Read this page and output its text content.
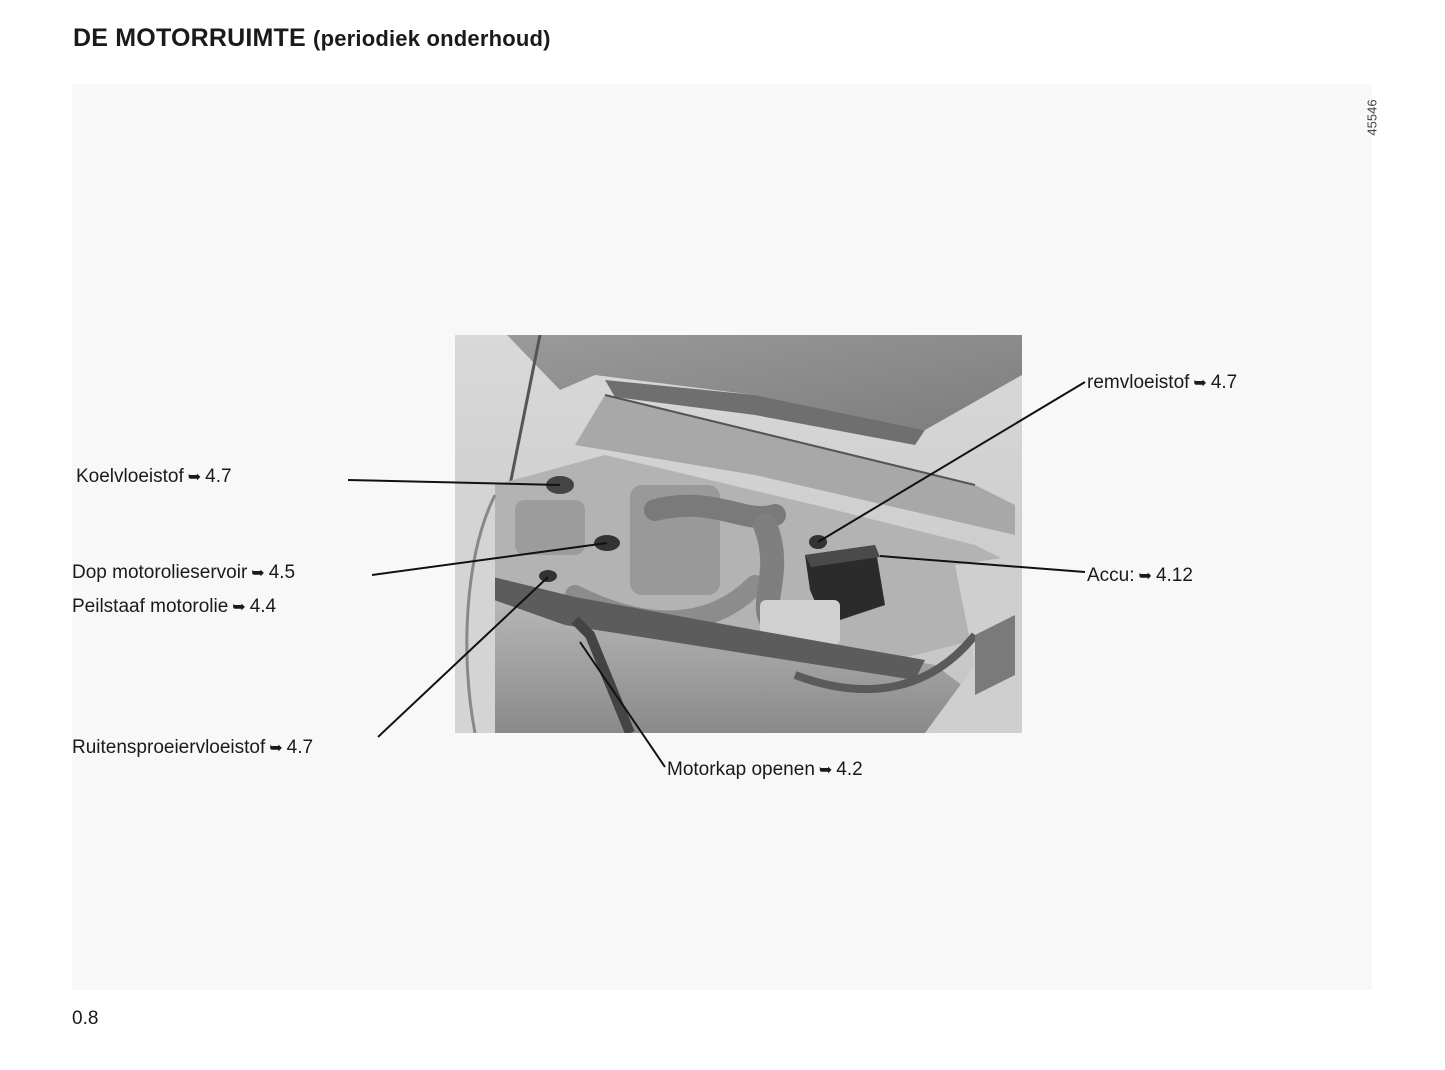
DE MOTORRUIMTE (periodiek onderhoud)
45546
Koelvloeistof ➥ 4.7
Dop motorolieservoir ➥ 4.5
Peilstaaf motorolie ➥ 4.4
Ruitensproeiervloeistof ➥ 4.7
remvloeistof ➥ 4.7
Accu: ➥ 4.12
Motorkap openen ➥ 4.2
0.8
